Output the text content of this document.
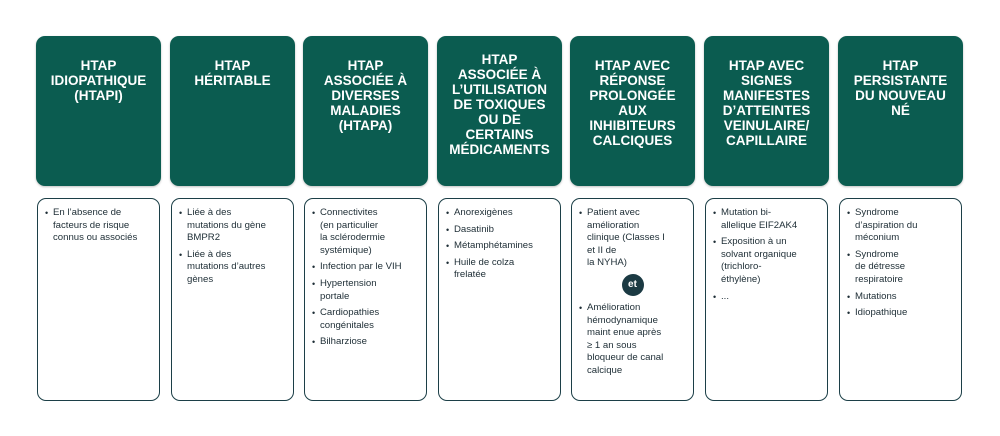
HTAP
IDIOPATHIQUE
(HTAPI)
• En l’absence de
facteurs de risque
connus ou associés
HTAP
HÉRITABLE
• Liée à des
mutations du gène
BMPR2
• Liée à des
mutations d’autres
gènes
HTAP
ASSOCIÉE À
DIVERSES
MALADIES
(HTAPA)
• Connectivites
(en particulier
la sclérodermie
systémique)
• Infection par le VIH
• Hypertension
portale
• Cardiopathies
congénitales
• Bilharziose
HTAP
ASSOCIÉE À
L’UTILISATION
DE TOXIQUES
OU DE
CERTAINS
MÉDICAMENTS
• Anorexigènes
• Dasatinib
• Métamphétamines
• Huile de colza
frelatée
HTAP AVEC
RÉPONSE
PROLONGÉE
AUX
INHIBITEURS
CALCIQUES
• Patient avec
amélioration
clinique (Classes I
et II de
la NYHA)
et
• Amélioration
hémodynamique
maint enue après
≥ 1 an sous
bloqueur de canal
calcique
HTAP AVEC
SIGNES
MANIFESTES
D’ATTEINTES
VEINULAIRE/
CAPILLAIRE
• Mutation bi-
allelique EIF2AK4
• Exposition à un
solvant organique
(trichloro-
éthylène)
• ...
HTAP
PERSISTANTE
DU NOUVEAU
NÉ
• Syndrome
d’aspiration du
méconium
• Syndrome
de détresse
respiratoire
• Mutations
• Idiopathique
